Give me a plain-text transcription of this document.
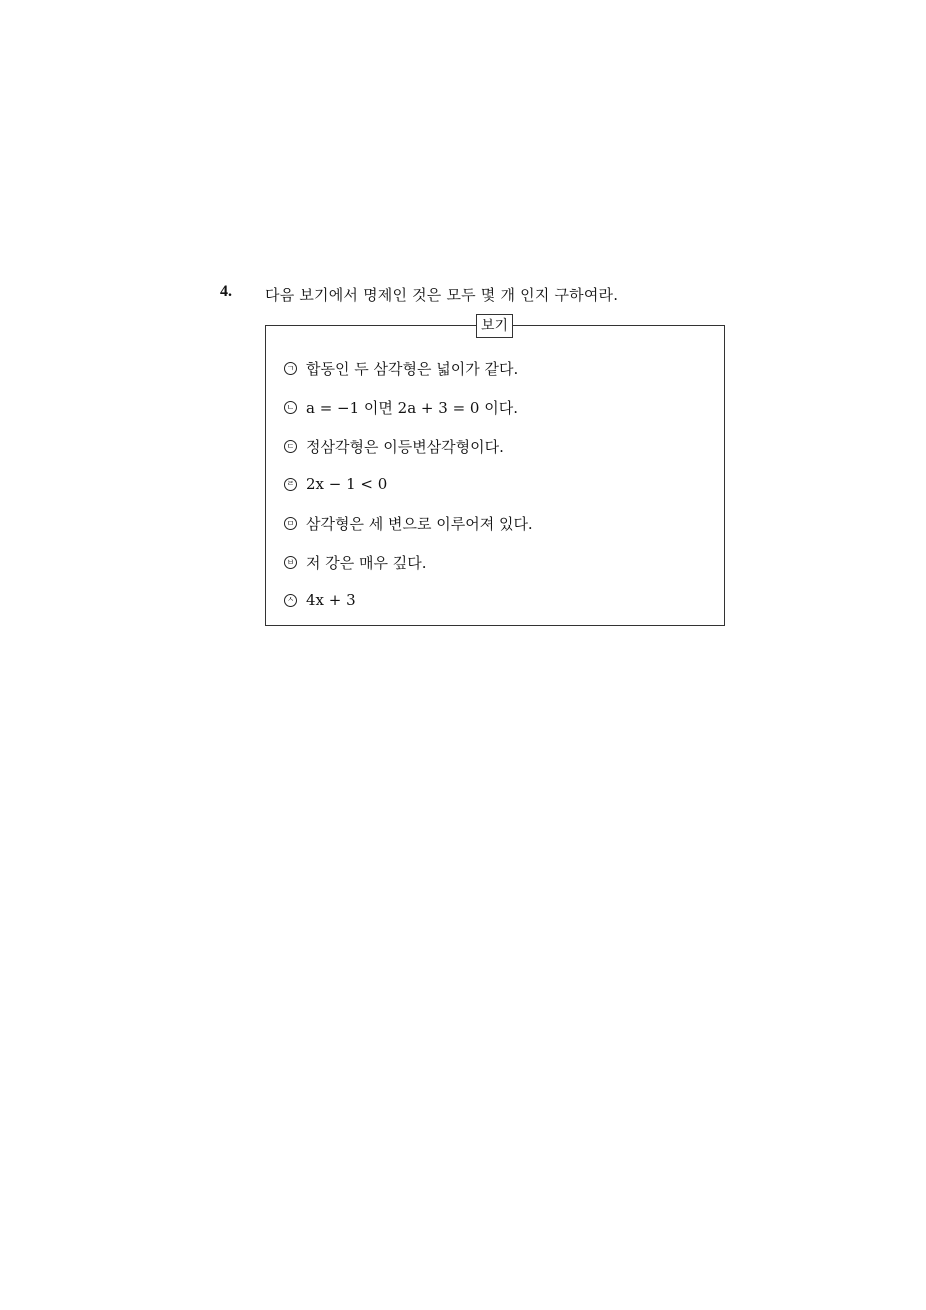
4. 다음 보기에서 명제인 것은 모두 몇 개 인지 구하여라.
보기
ㄱ 합동인 두 삼각형은 넓이가 같다.
ㄴ a = −1 이면 2a + 3 = 0 이다.
ㄷ 정삼각형은 이등변삼각형이다.
ㄹ 2x − 1 < 0
ㅁ 삼각형은 세 변으로 이루어져 있다.
ㅂ 저 강은 매우 깊다.
ㅅ 4x + 3
